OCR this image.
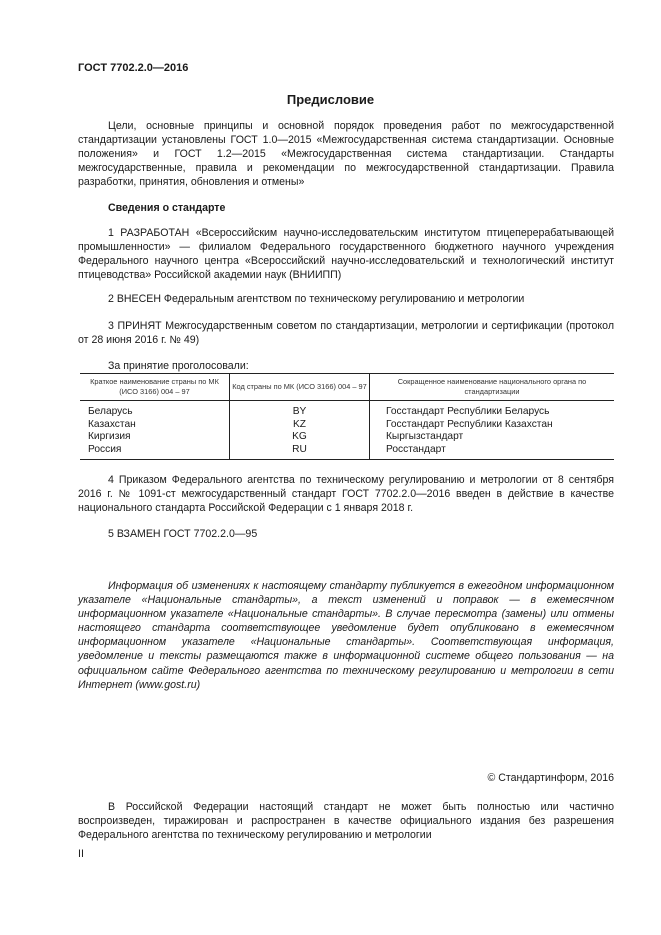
ГОСТ 7702.2.0—2016
Предисловие

Цели, основные принципы и основной порядок проведения работ по межгосударственной стандартизации установлены ГОСТ 1.0—2015 «Межгосударственная система стандартизации. Основные положения» и ГОСТ 1.2—2015 «Межгосударственная система стандартизации. Стандарты межгосударственные, правила и рекомендации по межгосударственной стандартизации. Правила разработки, принятия, обновления и отмены»

Сведения о стандарте

1 РАЗРАБОТАН «Всероссийским научно-исследовательским институтом птицеперерабатывающей промышленности» — филиалом Федерального государственного бюджетного научного учреждения Федерального научного центра «Всероссийский научно-исследовательский и технологический институт птицеводства» Российской академии наук (ВНИИПП)

2 ВНЕСЕН Федеральным агентством по техническому регулированию и метрологии

3 ПРИНЯТ Межгосударственным советом по стандартизации, метрологии и сертификации (протокол от 28 июня 2016 г. № 49)

За принятие проголосовали:
Краткое наименование страны по МК (ИСО 3166) 004 – 97	Код страны по МК (ИСО 3166) 004 – 97	Сокращенное наименование национального органа по стандартизации
Беларусь	BY	Госстандарт Республики Беларусь
Казахстан	KZ	Госстандарт Республики Казахстан
Киргизия	KG	Кыргызстандарт
Россия	RU	Росстандарт

4 Приказом Федерального агентства по техническому регулированию и метрологии от 8 сентября 2016 г. № 1091-ст межгосударственный стандарт ГОСТ 7702.2.0—2016 введен в действие в качестве национального стандарта Российской Федерации с 1 января 2018 г.

5 ВЗАМЕН ГОСТ 7702.2.0—95

Информация об изменениях к настоящему стандарту публикуется в ежегодном информационном указателе «Национальные стандарты», а текст изменений и поправок — в ежемесячном информационном указателе «Национальные стандарты». В случае пересмотра (замены) или отмены настоящего стандарта соответствующее уведомление будет опубликовано в ежемесячном информационном указателе «Национальные стандарты». Соответствующая информация, уведомление и тексты размещаются также в информационной системе общего пользования — на официальном сайте Федерального агентства по техническому регулированию и метрологии в сети Интернет (www.gost.ru)

© Стандартинформ, 2016

В Российской Федерации настоящий стандарт не может быть полностью или частично воспроизведен, тиражирован и распространен в качестве официального издания без разрешения Федерального агентства по техническому регулированию и метрологии

II
